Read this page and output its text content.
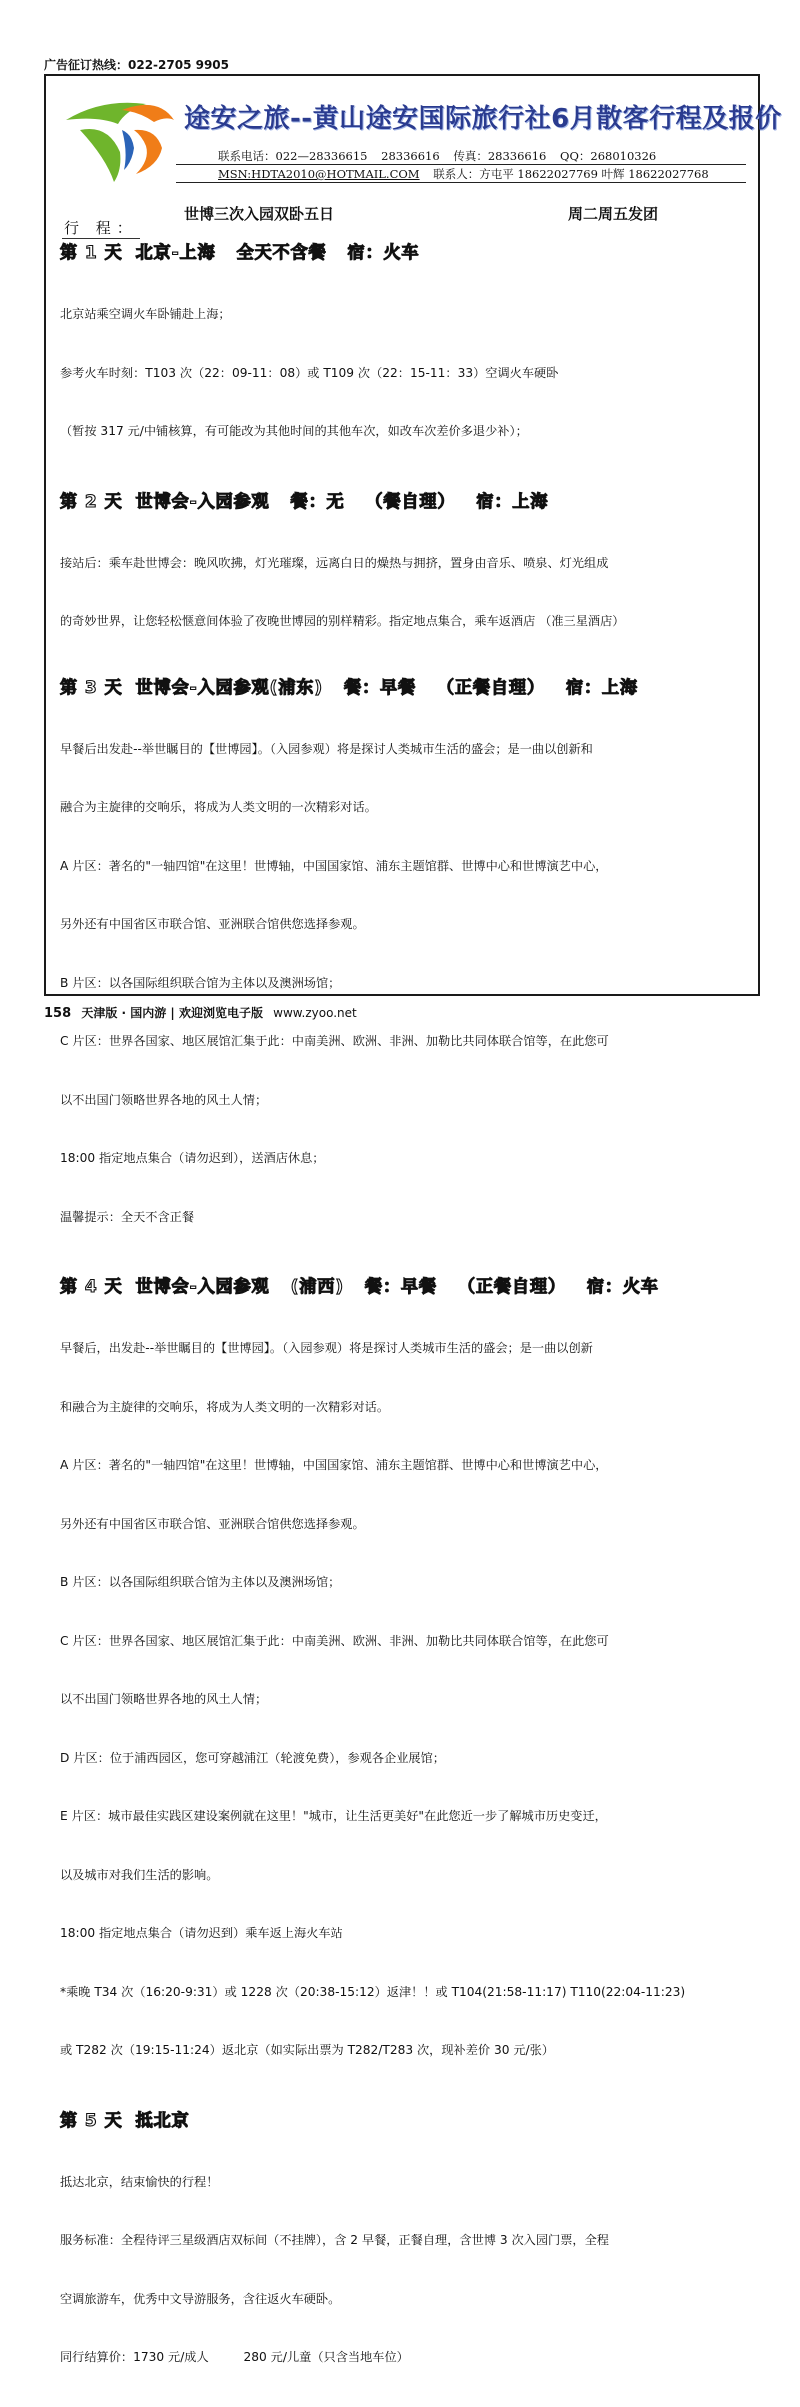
广告征订热线：022-2705 9905
途安之旅--黄山途安国际旅行社6月散客行程及报价
联系电话：022—28336615 28336616 传真：28336616 QQ：268010326
MSN:HDTA2010@HOTMAIL.COM 联系人：方屯平 18622027769 叶辉 18622027768
世博三次入园双卧五日	周二周五发团
行 程：
第 1 天 北京-上海 全天不含餐 宿：火车

北京站乘空调火车卧铺赴上海；

参考火车时刻：T103 次（22：09-11：08）或 T109 次（22：15-11：33）空调火车硬卧

（暂按 317 元/中铺核算，有可能改为其他时间的其他车次，如改车次差价多退少补）；

第 2 天 世博会-入园参观 餐：无 （餐自理） 宿：上海

接站后：乘车赴世博会：晚风吹拂，灯光璀璨，远离白日的燥热与拥挤，置身由音乐、喷泉、灯光组成

的奇妙世界，让您轻松惬意间体验了夜晚世博园的别样精彩。指定地点集合，乘车返酒店 （准三星酒店）

第 3 天 世博会-入园参观(浦东) 餐：早餐 （正餐自理） 宿：上海

早餐后出发赴--举世瞩目的【世博园】。（入园参观）将是探讨人类城市生活的盛会；是一曲以创新和

融合为主旋律的交响乐，将成为人类文明的一次精彩对话。

A 片区：著名的"一轴四馆"在这里！世博轴，中国国家馆、浦东主题馆群、世博中心和世博演艺中心，

另外还有中国省区市联合馆、亚洲联合馆供您选择参观。

B 片区：以各国际组织联合馆为主体以及澳洲场馆；

C 片区：世界各国家、地区展馆汇集于此：中南美洲、欧洲、非洲、加勒比共同体联合馆等，在此您可

以不出国门领略世界各地的风土人情；

18:00 指定地点集合（请勿迟到），送酒店休息；

温馨提示：全天不含正餐

第 4 天 世博会-入园参观 (浦西) 餐：早餐 （正餐自理） 宿：火车

早餐后，出发赴--举世瞩目的【世博园】。（入园参观）将是探讨人类城市生活的盛会；是一曲以创新

和融合为主旋律的交响乐，将成为人类文明的一次精彩对话。

A 片区：著名的"一轴四馆"在这里！世博轴，中国国家馆、浦东主题馆群、世博中心和世博演艺中心，

另外还有中国省区市联合馆、亚洲联合馆供您选择参观。

B 片区：以各国际组织联合馆为主体以及澳洲场馆；

C 片区：世界各国家、地区展馆汇集于此：中南美洲、欧洲、非洲、加勒比共同体联合馆等，在此您可

以不出国门领略世界各地的风土人情；

D 片区：位于浦西园区，您可穿越浦江（轮渡免费），参观各企业展馆；

E 片区：城市最佳实践区建设案例就在这里！"城市，让生活更美好"在此您近一步了解城市历史变迁，

以及城市对我们生活的影响。

18:00 指定地点集合（请勿迟到）乘车返上海火车站

*乘晚 T34 次（16:20-9:31）或 1228 次（20:38-15:12）返津！！或 T104(21:58-11:17) T110(22:04-11:23)

或 T282 次（19:15-11:24）返北京（如实际出票为 T282/T283 次，现补差价 30 元/张）

第 5 天 抵北京

抵达北京，结束愉快的行程！

服务标准：全程待评三星级酒店双标间（不挂牌），含 2 早餐，正餐自理，含世博 3 次入园门票，全程

空调旅游车，优秀中文导游服务，含往返火车硬卧。

同行结算价：1730 元/成人         280 元/儿童（只含当地车位）

158 天津版 · 国内游 | 欢迎浏览电子版 www.zyoo.net
